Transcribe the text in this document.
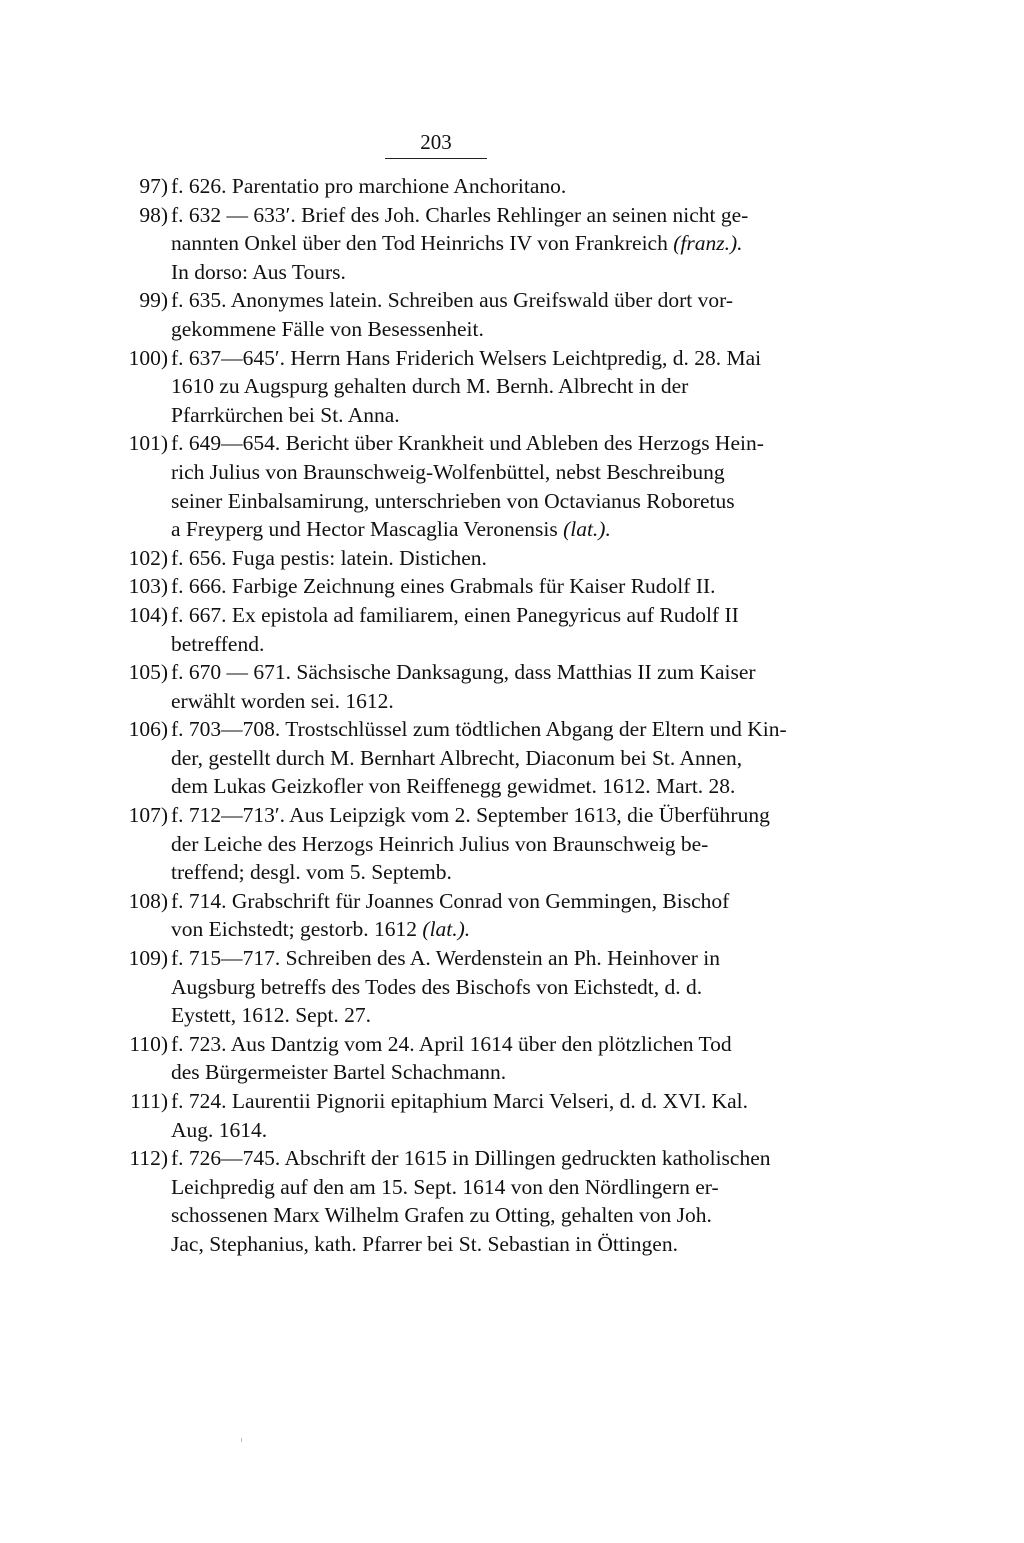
203
97) f. 626. Parentatio pro marchione Anchoritano.
98) f. 632 — 633′. Brief des Joh. Charles Rehlinger an seinen nicht ge-
nannten Onkel über den Tod Heinrichs IV von Frankreich (franz.).
In dorso: Aus Tours.
99) f. 635. Anonymes latein. Schreiben aus Greifswald über dort vor-
gekommene Fälle von Besessenheit.
100) f. 637—645′. Herrn Hans Friderich Welsers Leichtpredig, d. 28. Mai
1610 zu Augspurg gehalten durch M. Bernh. Albrecht in der
Pfarrkürchen bei St. Anna.
101) f. 649—654. Bericht über Krankheit und Ableben des Herzogs Hein-
rich Julius von Braunschweig-Wolfenbüttel, nebst Beschreibung
seiner Einbalsamirung, unterschrieben von Octavianus Roboretus
a Freyperg und Hector Mascaglia Veronensis (lat.).
102) f. 656. Fuga pestis: latein. Distichen.
103) f. 666. Farbige Zeichnung eines Grabmals für Kaiser Rudolf II.
104) f. 667. Ex epistola ad familiarem, einen Panegyricus auf Rudolf II
betreffend.
105) f. 670 — 671. Sächsische Danksagung, dass Matthias II zum Kaiser
erwählt worden sei. 1612.
106) f. 703—708. Trostschlüssel zum tödtlichen Abgang der Eltern und Kin-
der, gestellt durch M. Bernhart Albrecht, Diaconum bei St. Annen,
dem Lukas Geizkofler von Reiffenegg gewidmet. 1612. Mart. 28.
107) f. 712—713′. Aus Leipzigk vom 2. September 1613, die Überführung
der Leiche des Herzogs Heinrich Julius von Braunschweig be-
treffend; desgl. vom 5. Septemb.
108) f. 714. Grabschrift für Joannes Conrad von Gemmingen, Bischof
von Eichstedt; gestorb. 1612 (lat.).
109) f. 715—717. Schreiben des A. Werdenstein an Ph. Heinhover in
Augsburg betreffs des Todes des Bischofs von Eichstedt, d. d.
Eystett, 1612. Sept. 27.
110) f. 723. Aus Dantzig vom 24. April 1614 über den plötzlichen Tod
des Bürgermeister Bartel Schachmann.
111) f. 724. Laurentii Pignorii epitaphium Marci Velseri, d. d. XVI. Kal.
Aug. 1614.
112) f. 726—745. Abschrift der 1615 in Dillingen gedruckten katholischen
Leichpredig auf den am 15. Sept. 1614 von den Nördlingern er-
schossenen Marx Wilhelm Grafen zu Otting, gehalten von Joh.
Jac, Stephanius, kath. Pfarrer bei St. Sebastian in Öttingen.
